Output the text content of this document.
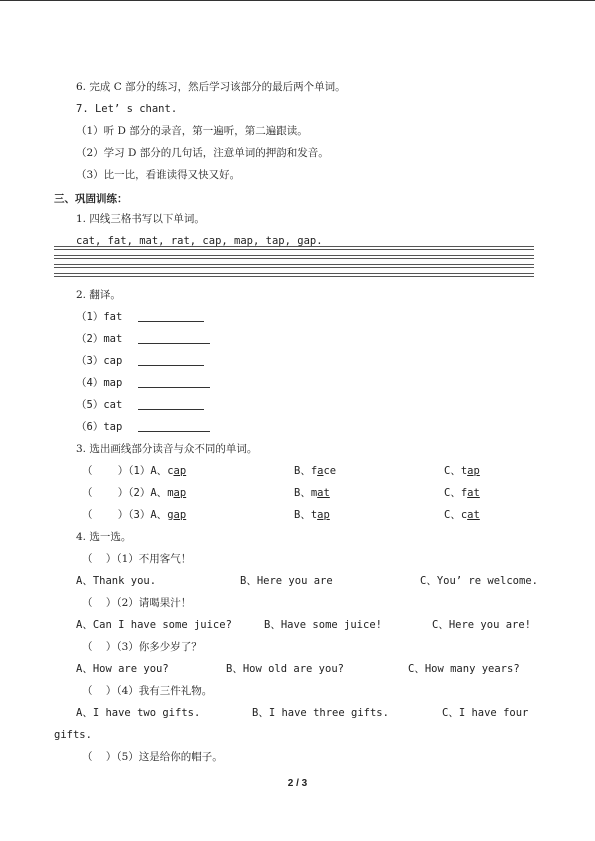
6. 完成 C 部分的练习，然后学习该部分的最后两个单词。
7. Let’ s chant.
（1）听 D 部分的录音，第一遍听，第二遍跟读。
（2）学习 D 部分的几句话，注意单词的押韵和发音。
（3）比一比，看谁读得又快又好。
三、巩固训练：
1. 四线三格书写以下单词。
cat, fat, mat, rat, cap, map, tap, gap.
2. 翻译。
（1）fat
（2）mat
（3）cap
（4）map
（5）cat
（6）tap
3. 选出画线部分读音与众不同的单词。
（    ）（1）A、cap	B、face	C、tap
（    ）（2）A、map	B、mat	C、fat
（    ）（3）A、gap	B、tap	C、cat
4. 选一选。
（    ）（1）不用客气！
A、Thank you.	B、Here you are	C、You’ re welcome.
（    ）（2）请喝果汁！
A、Can I have some juice?	B、Have some juice!	C、Here you are!
（    ）（3）你多少岁了？
A、How are you?	B、How old are you?	C、How many years?
（    ）（4）我有三件礼物。
A、I have two gifts.	B、I have three gifts.	C、I have four
gifts.
（    ）（5）这是给你的帽子。
2 / 3
